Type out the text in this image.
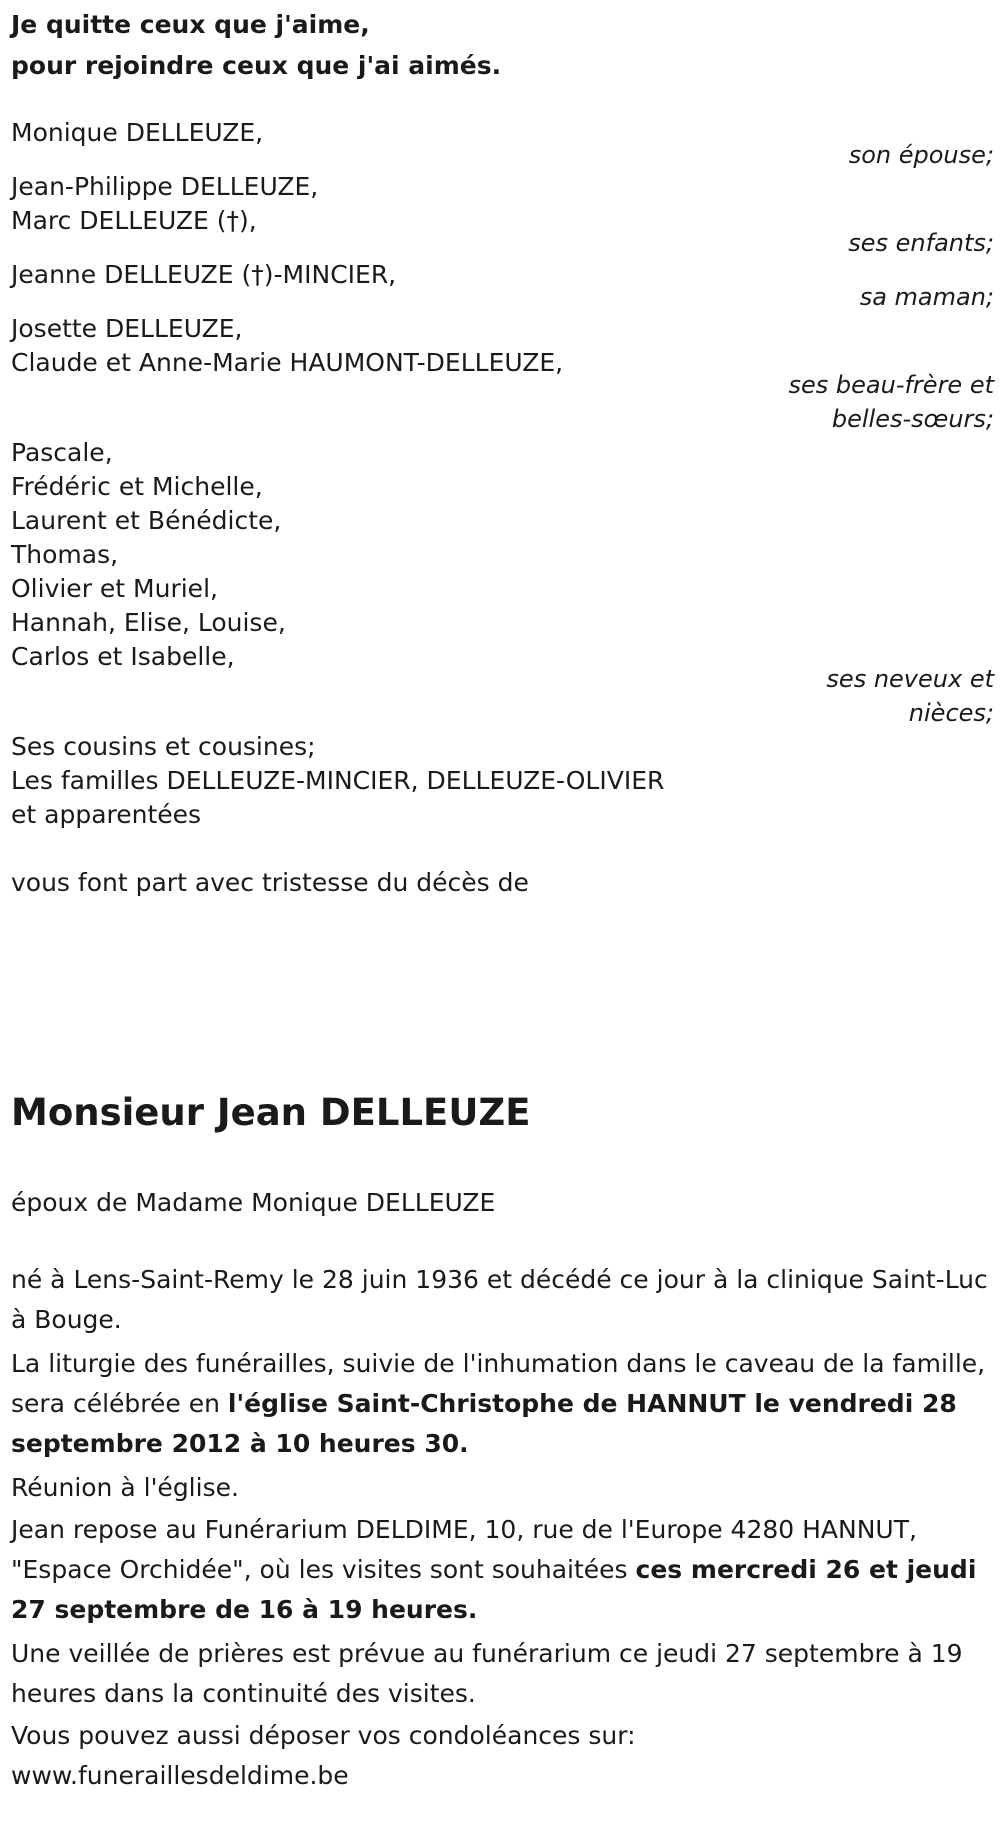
Je quitte ceux que j'aime,
pour rejoindre ceux que j'ai aimés.
Monique DELLEUZE,
son épouse;
Jean-Philippe DELLEUZE,
Marc DELLEUZE (†),
ses enfants;
Jeanne DELLEUZE (†)-MINCIER,
sa maman;
Josette DELLEUZE,
Claude et Anne-Marie HAUMONT-DELLEUZE,
ses beau-frère et
belles-sœurs;
Pascale,
Frédéric et Michelle,
Laurent et Bénédicte,
Thomas,
Olivier et Muriel,
Hannah, Elise, Louise,
Carlos et Isabelle,
ses neveux et
nièces;
Ses cousins et cousines;
Les familles DELLEUZE-MINCIER, DELLEUZE-OLIVIER
et apparentées
vous font part avec tristesse du décès de
Monsieur Jean DELLEUZE
époux de Madame Monique DELLEUZE
né à Lens-Saint-Remy le 28 juin 1936 et décédé ce jour à la clinique Saint-Luc à Bouge.
La liturgie des funérailles, suivie de l'inhumation dans le caveau de la famille, sera célébrée en l'église Saint-Christophe de HANNUT le vendredi 28 septembre 2012 à 10 heures 30.
Réunion à l'église.
Jean repose au Funérarium DELDIME, 10, rue de l'Europe 4280 HANNUT, "Espace Orchidée", où les visites sont souhaitées ces mercredi 26 et jeudi 27 septembre de 16 à 19 heures.
Une veillée de prières est prévue au funérarium ce jeudi 27 septembre à 19 heures dans la continuité des visites.
Vous pouvez aussi déposer vos condoléances sur:
www.funeraillesdeldime.be
